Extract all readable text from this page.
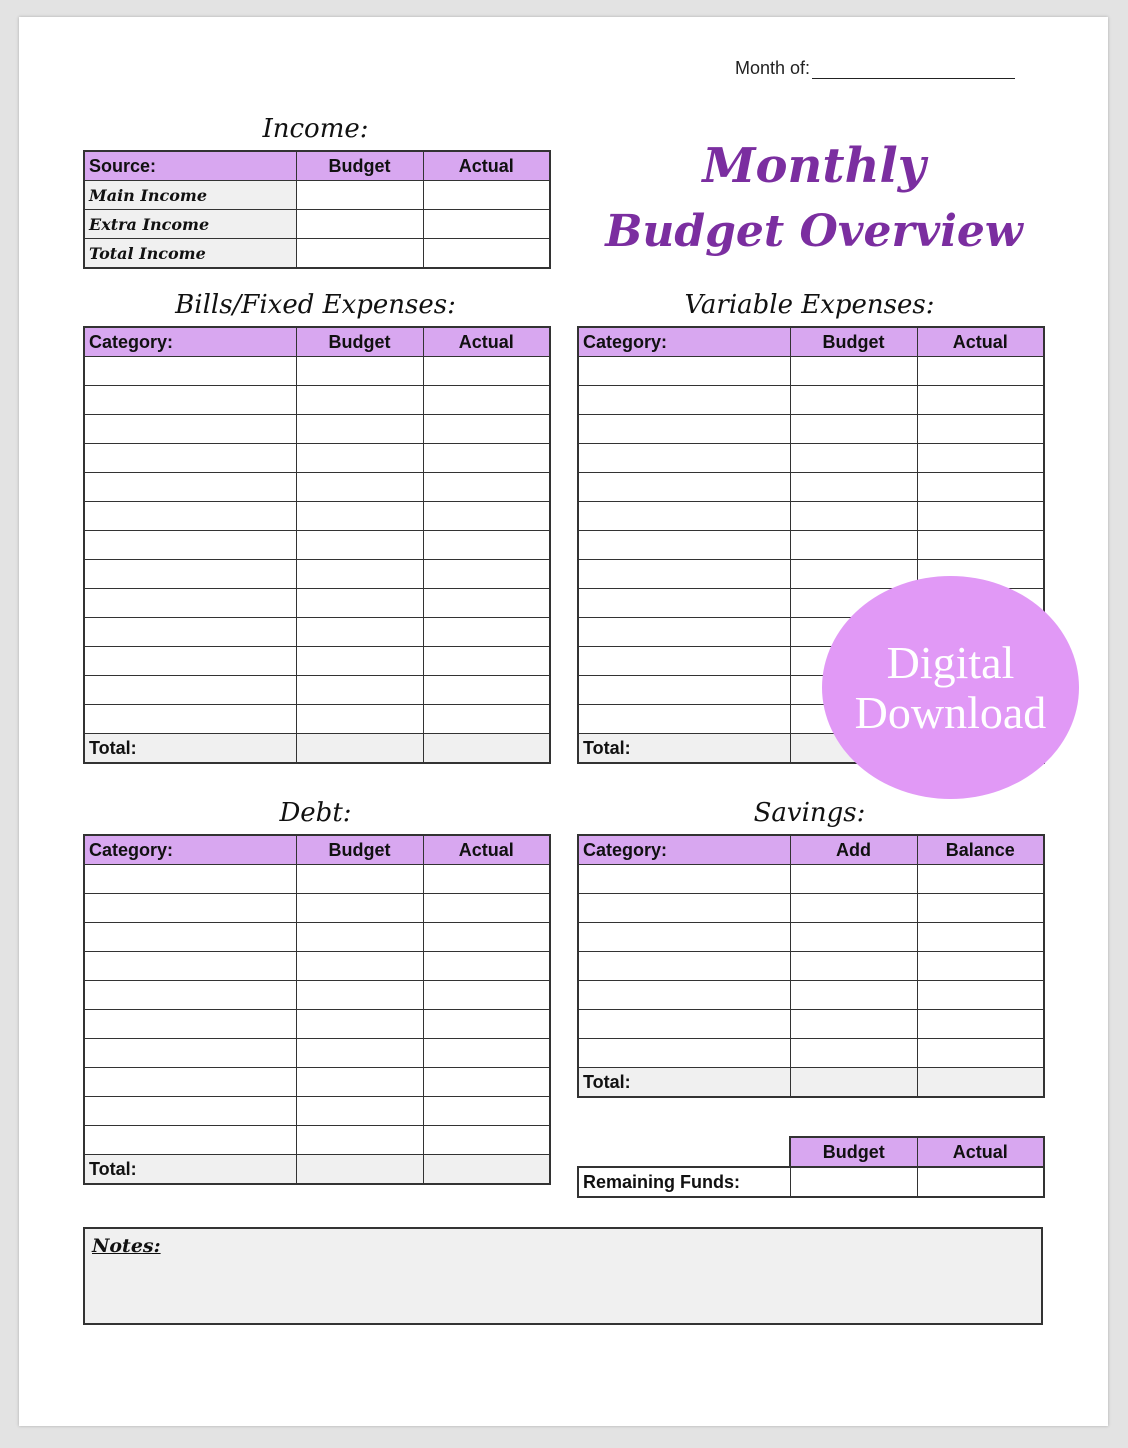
Month of:
Monthly
Budget Overview
Income:
Source:	Budget	Actual
Main Income		
Extra Income		
Total Income		
Bills/Fixed Expenses:
Category:	Budget	Actual

Total:		
Variable Expenses:
Category:	Budget	Actual

Total:		
Debt:
Category:	Budget	Actual

Total:		
Savings:
Category:	Add	Balance

Total:		
Budget	Actual
Remaining Funds:		
Notes:
Digital
Download
